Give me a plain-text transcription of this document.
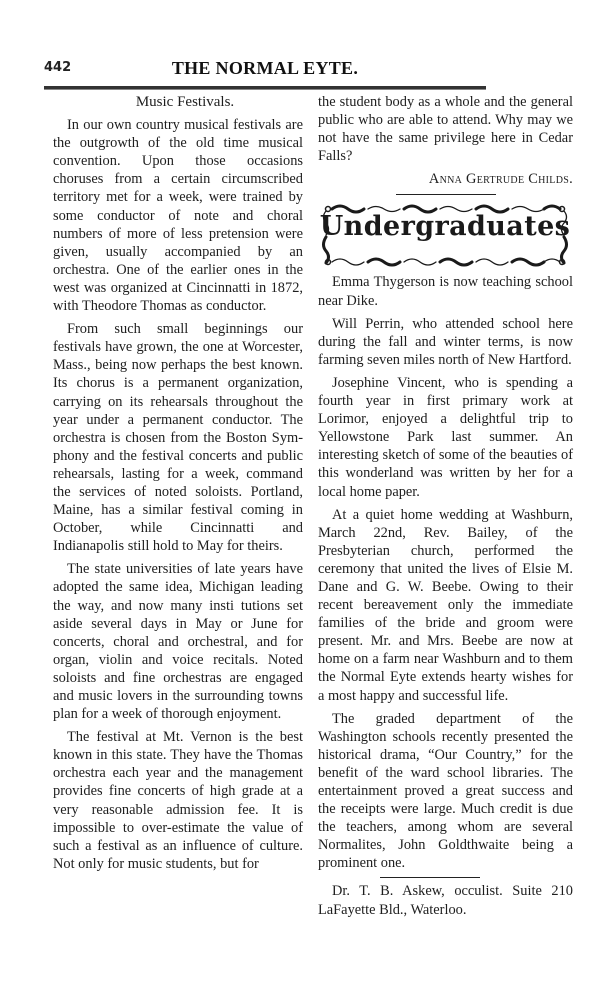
442	THE NORMAL EYTE.

Music Festivals.

In our own country musical festivals are the outgrowth of the old time musical convention. Upon those occasions choruses from a certain circumscribed territory met for a week, were trained by some conductor of note and choral numbers of more of less pretension were given, usually accompanied by an orchestra. One of the earlier ones in the west was organized at Cincinnatti in 1872, with Theodore Thomas as conductor.

From such small beginnings our festivals have grown, the one at Worcester, Mass., being now perhaps the best known. Its chorus is a permanent organization, carrying on its rehearsals throughout the year under a permanent conductor. The orchestra is chosen from the Boston Symphony and the festival concerts and public rehearsals, lasting for a week, command the services of noted soloists. Portland, Maine, has a similar festival coming in October, while Cincinnatti and Indianapolis still hold to May for theirs.

The state universities of late years have adopted the same idea, Michigan leading the way, and now many insti tutions set aside several days in May or June for concerts, choral and orchestral, and for organ, violin and voice recitals. Noted soloists and fine orchestras are engaged and music lovers in the surrounding towns plan for a week of thorough enjoyment.

The festival at Mt. Vernon is the best known in this state. They have the Thomas orchestra each year and the management provides fine concerts of high grade at a very reasonable admission fee. It is impossible to over-estimate the value of such a festival as an influence of culture. Not only for music students, but for

the student body as a whole and the general public who are able to attend. Why may we not have the same privilege here in Cedar Falls?

Anna Gertrude Childs.

Undergraduates

Emma Thygerson is now teaching school near Dike.

Will Perrin, who attended school here during the fall and winter terms, is now farming seven miles north of New Hartford.

Josephine Vincent, who is spending a fourth year in first primary work at Lorimor, enjoyed a delightful trip to Yellowstone Park last summer. An interesting sketch of some of the beauties of this wonderland was written by her for a local home paper.

At a quiet home wedding at Washburn, March 22nd, Rev. Bailey, of the Presbyterian church, performed the ceremony that united the lives of Elsie M. Dane and G. W. Beebe. Owing to their recent bereavement only the immediate families of the bride and groom were present. Mr. and Mrs. Beebe are now at home on a farm near Washburn and to them the Normal Eyte extends hearty wishes for a most happy and successful life.

The graded department of the Washington schools recently presented the historical drama, “Our Country,” for the benefit of the ward school libraries. The entertainment proved a great success and the receipts were large. Much credit is due the teachers, among whom are several Normalites, John Goldthwaite being a prominent one.

Dr. T. B. Askew, occulist. Suite 210 LaFayette Bld., Waterloo.
